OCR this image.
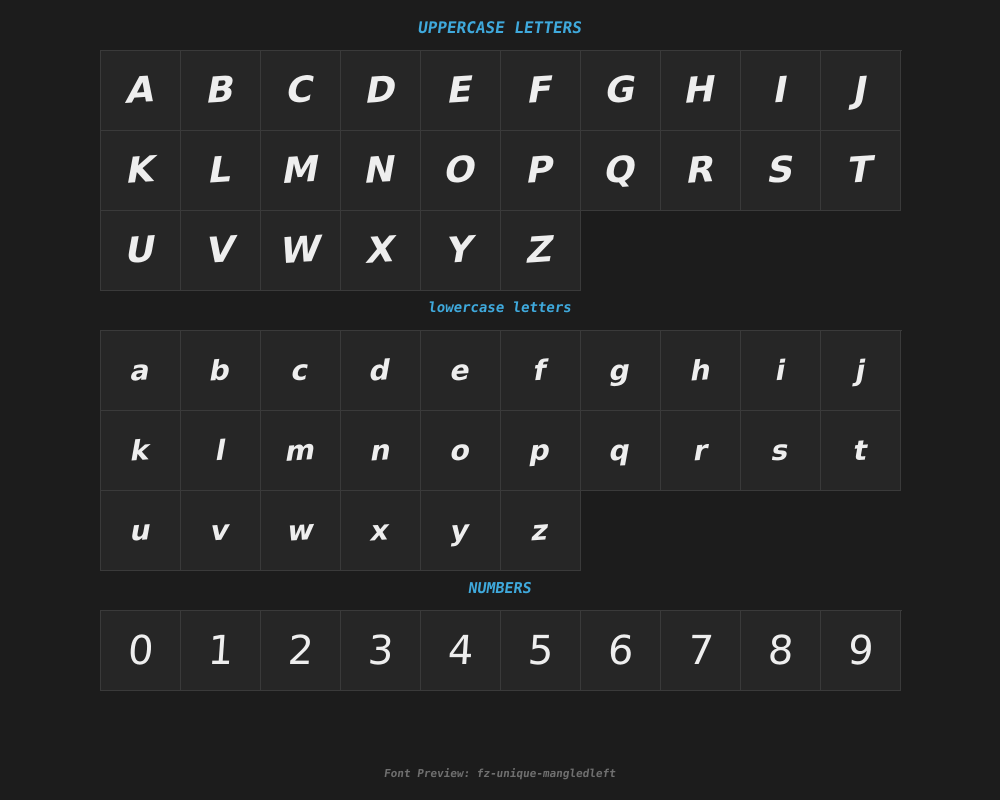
UPPERCASE LETTERS
A B C D E F G H I J
K L M N O P Q R S T
U V W X Y Z
lowercase letters
a b c d e f g h i j
k l m n o p q r s t
u v w x y z
NUMBERS
0 1 2 3 4 5 6 7 8 9
Font Preview: fz-unique-mangledleft
